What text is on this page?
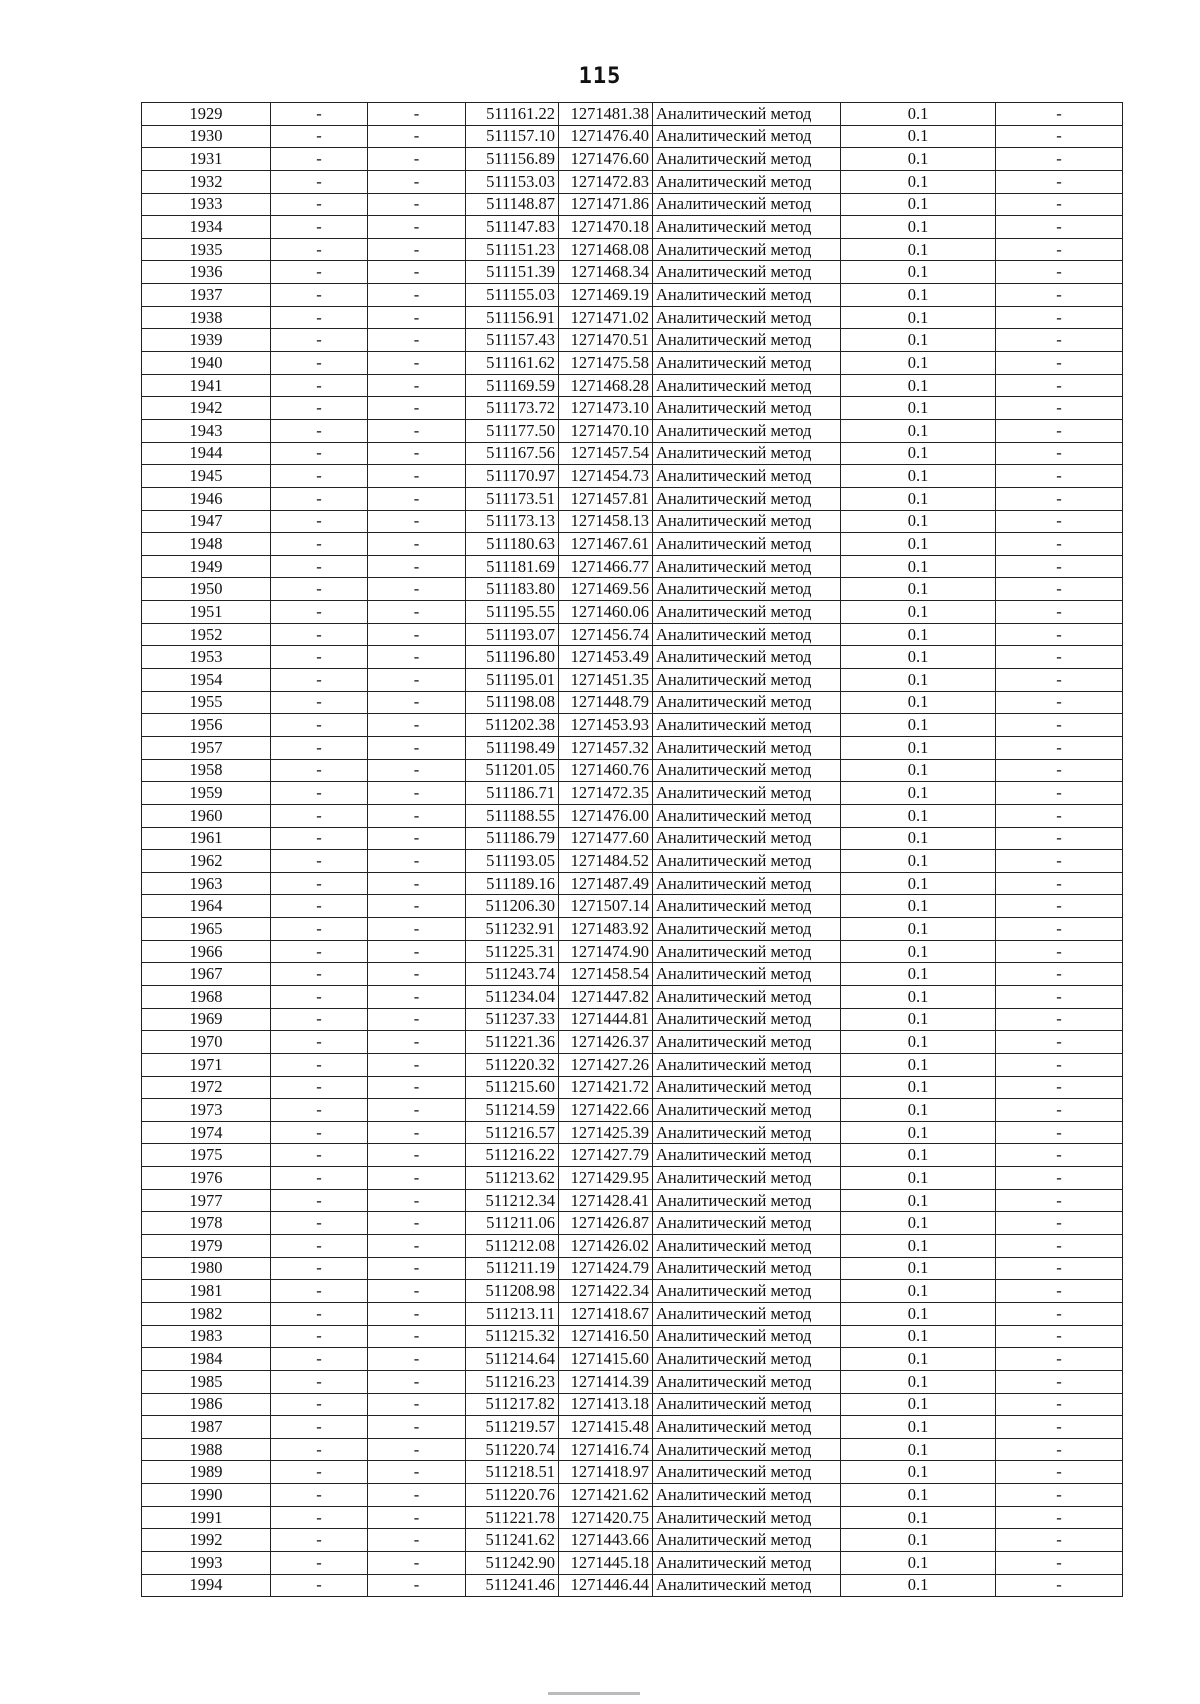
115
1929	-	-	511161.22	1271481.38	Аналитический метод	0.1	-
1930	-	-	511157.10	1271476.40	Аналитический метод	0.1	-
1931	-	-	511156.89	1271476.60	Аналитический метод	0.1	-
1932	-	-	511153.03	1271472.83	Аналитический метод	0.1	-
1933	-	-	511148.87	1271471.86	Аналитический метод	0.1	-
1934	-	-	511147.83	1271470.18	Аналитический метод	0.1	-
1935	-	-	511151.23	1271468.08	Аналитический метод	0.1	-
1936	-	-	511151.39	1271468.34	Аналитический метод	0.1	-
1937	-	-	511155.03	1271469.19	Аналитический метод	0.1	-
1938	-	-	511156.91	1271471.02	Аналитический метод	0.1	-
1939	-	-	511157.43	1271470.51	Аналитический метод	0.1	-
1940	-	-	511161.62	1271475.58	Аналитический метод	0.1	-
1941	-	-	511169.59	1271468.28	Аналитический метод	0.1	-
1942	-	-	511173.72	1271473.10	Аналитический метод	0.1	-
1943	-	-	511177.50	1271470.10	Аналитический метод	0.1	-
1944	-	-	511167.56	1271457.54	Аналитический метод	0.1	-
1945	-	-	511170.97	1271454.73	Аналитический метод	0.1	-
1946	-	-	511173.51	1271457.81	Аналитический метод	0.1	-
1947	-	-	511173.13	1271458.13	Аналитический метод	0.1	-
1948	-	-	511180.63	1271467.61	Аналитический метод	0.1	-
1949	-	-	511181.69	1271466.77	Аналитический метод	0.1	-
1950	-	-	511183.80	1271469.56	Аналитический метод	0.1	-
1951	-	-	511195.55	1271460.06	Аналитический метод	0.1	-
1952	-	-	511193.07	1271456.74	Аналитический метод	0.1	-
1953	-	-	511196.80	1271453.49	Аналитический метод	0.1	-
1954	-	-	511195.01	1271451.35	Аналитический метод	0.1	-
1955	-	-	511198.08	1271448.79	Аналитический метод	0.1	-
1956	-	-	511202.38	1271453.93	Аналитический метод	0.1	-
1957	-	-	511198.49	1271457.32	Аналитический метод	0.1	-
1958	-	-	511201.05	1271460.76	Аналитический метод	0.1	-
1959	-	-	511186.71	1271472.35	Аналитический метод	0.1	-
1960	-	-	511188.55	1271476.00	Аналитический метод	0.1	-
1961	-	-	511186.79	1271477.60	Аналитический метод	0.1	-
1962	-	-	511193.05	1271484.52	Аналитический метод	0.1	-
1963	-	-	511189.16	1271487.49	Аналитический метод	0.1	-
1964	-	-	511206.30	1271507.14	Аналитический метод	0.1	-
1965	-	-	511232.91	1271483.92	Аналитический метод	0.1	-
1966	-	-	511225.31	1271474.90	Аналитический метод	0.1	-
1967	-	-	511243.74	1271458.54	Аналитический метод	0.1	-
1968	-	-	511234.04	1271447.82	Аналитический метод	0.1	-
1969	-	-	511237.33	1271444.81	Аналитический метод	0.1	-
1970	-	-	511221.36	1271426.37	Аналитический метод	0.1	-
1971	-	-	511220.32	1271427.26	Аналитический метод	0.1	-
1972	-	-	511215.60	1271421.72	Аналитический метод	0.1	-
1973	-	-	511214.59	1271422.66	Аналитический метод	0.1	-
1974	-	-	511216.57	1271425.39	Аналитический метод	0.1	-
1975	-	-	511216.22	1271427.79	Аналитический метод	0.1	-
1976	-	-	511213.62	1271429.95	Аналитический метод	0.1	-
1977	-	-	511212.34	1271428.41	Аналитический метод	0.1	-
1978	-	-	511211.06	1271426.87	Аналитический метод	0.1	-
1979	-	-	511212.08	1271426.02	Аналитический метод	0.1	-
1980	-	-	511211.19	1271424.79	Аналитический метод	0.1	-
1981	-	-	511208.98	1271422.34	Аналитический метод	0.1	-
1982	-	-	511213.11	1271418.67	Аналитический метод	0.1	-
1983	-	-	511215.32	1271416.50	Аналитический метод	0.1	-
1984	-	-	511214.64	1271415.60	Аналитический метод	0.1	-
1985	-	-	511216.23	1271414.39	Аналитический метод	0.1	-
1986	-	-	511217.82	1271413.18	Аналитический метод	0.1	-
1987	-	-	511219.57	1271415.48	Аналитический метод	0.1	-
1988	-	-	511220.74	1271416.74	Аналитический метод	0.1	-
1989	-	-	511218.51	1271418.97	Аналитический метод	0.1	-
1990	-	-	511220.76	1271421.62	Аналитический метод	0.1	-
1991	-	-	511221.78	1271420.75	Аналитический метод	0.1	-
1992	-	-	511241.62	1271443.66	Аналитический метод	0.1	-
1993	-	-	511242.90	1271445.18	Аналитический метод	0.1	-
1994	-	-	511241.46	1271446.44	Аналитический метод	0.1	-
